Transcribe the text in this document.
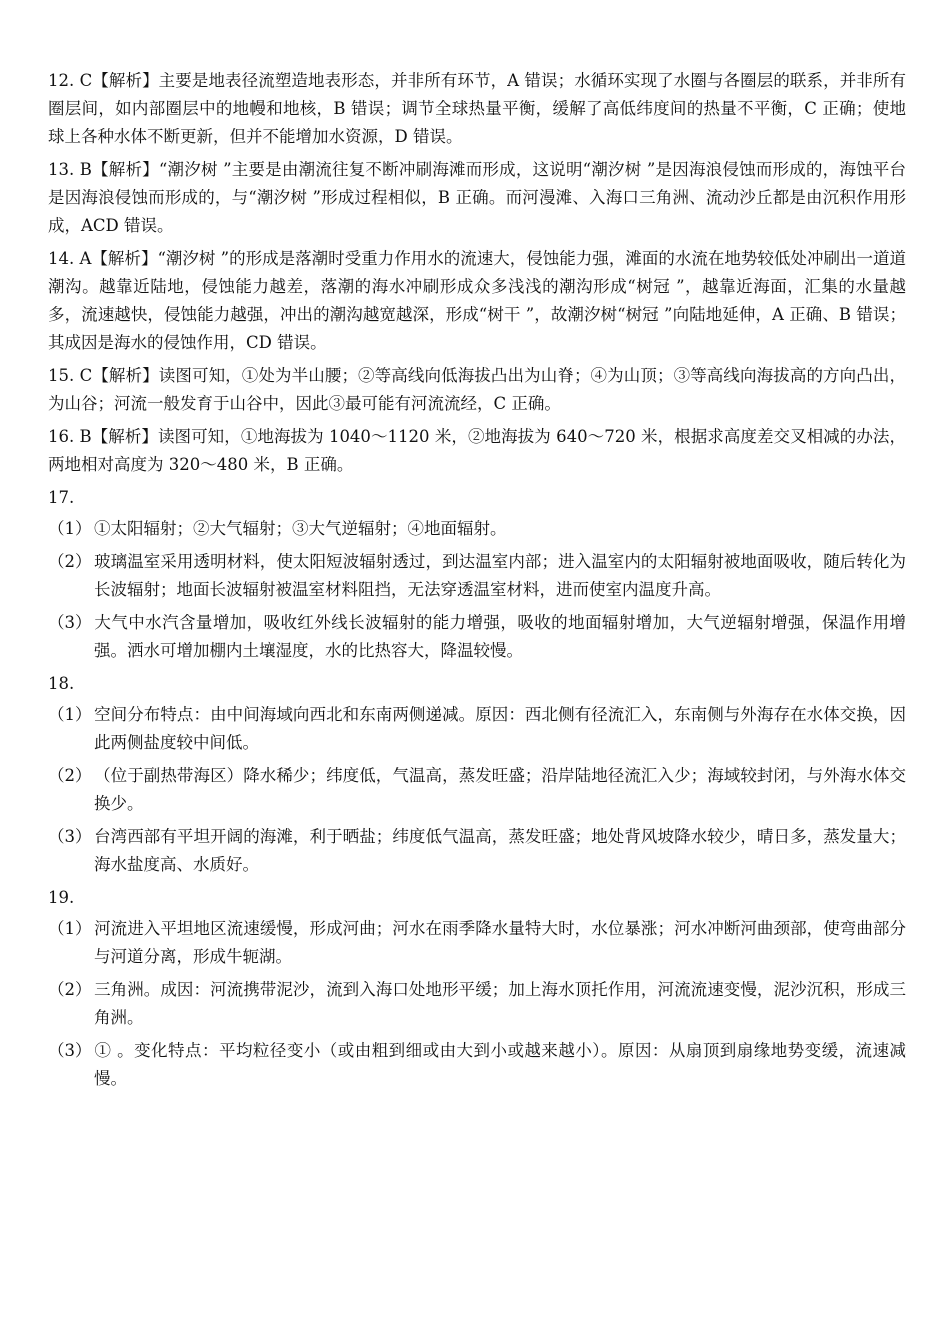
12. C【解析】主要是地表径流塑造地表形态，并非所有环节，A 错误；水循环实现了水圈与各圈层的联系，并非所有圈层间，如内部圈层中的地幔和地核，B 错误；调节全球热量平衡，缓解了高低纬度间的热量不平衡，C 正确；使地球上各种水体不断更新，但并不能增加水资源，D 错误。

13. B【解析】“潮汐树 ”主要是由潮流往复不断冲刷海滩而形成，这说明“潮汐树 ”是因海浪侵蚀而形成的，海蚀平台是因海浪侵蚀而形成的，与“潮汐树 ”形成过程相似，B 正确。而河漫滩、入海口三角洲、流动沙丘都是由沉积作用形成，ACD 错误。

14. A【解析】“潮汐树 ”的形成是落潮时受重力作用水的流速大，侵蚀能力强，滩面的水流在地势较低处冲刷出一道道潮沟。越靠近陆地，侵蚀能力越差，落潮的海水冲刷形成众多浅浅的潮沟形成“树冠 ”，越靠近海面，汇集的水量越多，流速越快，侵蚀能力越强，冲出的潮沟越宽越深，形成“树干 ”，故潮汐树“树冠 ”向陆地延伸，A 正确、B 错误；其成因是海水的侵蚀作用，CD 错误。

15. C【解析】读图可知，①处为半山腰；②等高线向低海拔凸出为山脊；④为山顶；③等高线向海拔高的方向凸出，为山谷；河流一般发育于山谷中，因此③最可能有河流流经，C 正确。

16. B【解析】读图可知，①地海拔为 1040～1120 米，②地海拔为 640～720 米，根据求高度差交叉相减的办法，两地相对高度为 320～480 米，B 正确。

17.

（1） ①太阳辐射；②大气辐射；③大气逆辐射；④地面辐射。

（2） 玻璃温室采用透明材料，使太阳短波辐射透过，到达温室内部；进入温室内的太阳辐射被地面吸收，随后转化为长波辐射；地面长波辐射被温室材料阻挡，无法穿透温室材料，进而使室内温度升高。

（3） 大气中水汽含量增加，吸收红外线长波辐射的能力增强，吸收的地面辐射增加，大气逆辐射增强，保温作用增强。洒水可增加棚内土壤湿度，水的比热容大，降温较慢。

18.

（1） 空间分布特点：由中间海域向西北和东南两侧递减。原因：西北侧有径流汇入，东南侧与外海存在水体交换，因此两侧盐度较中间低。

（2） （位于副热带海区）降水稀少；纬度低，气温高，蒸发旺盛；沿岸陆地径流汇入少；海域较封闭，与外海水体交换少。

（3） 台湾西部有平坦开阔的海滩，利于晒盐；纬度低气温高，蒸发旺盛；地处背风坡降水较少，晴日多，蒸发量大；海水盐度高、水质好。

19.

（1） 河流进入平坦地区流速缓慢，形成河曲；河水在雨季降水量特大时，水位暴涨；河水冲断河曲颈部，使弯曲部分与河道分离，形成牛轭湖。

（2） 三角洲。成因：河流携带泥沙，流到入海口处地形平缓；加上海水顶托作用，河流流速变慢，泥沙沉积，形成三角洲。

（3） ① 。变化特点：平均粒径变小（或由粗到细或由大到小或越来越小）。原因：从扇顶到扇缘地势变缓，流速减慢。
